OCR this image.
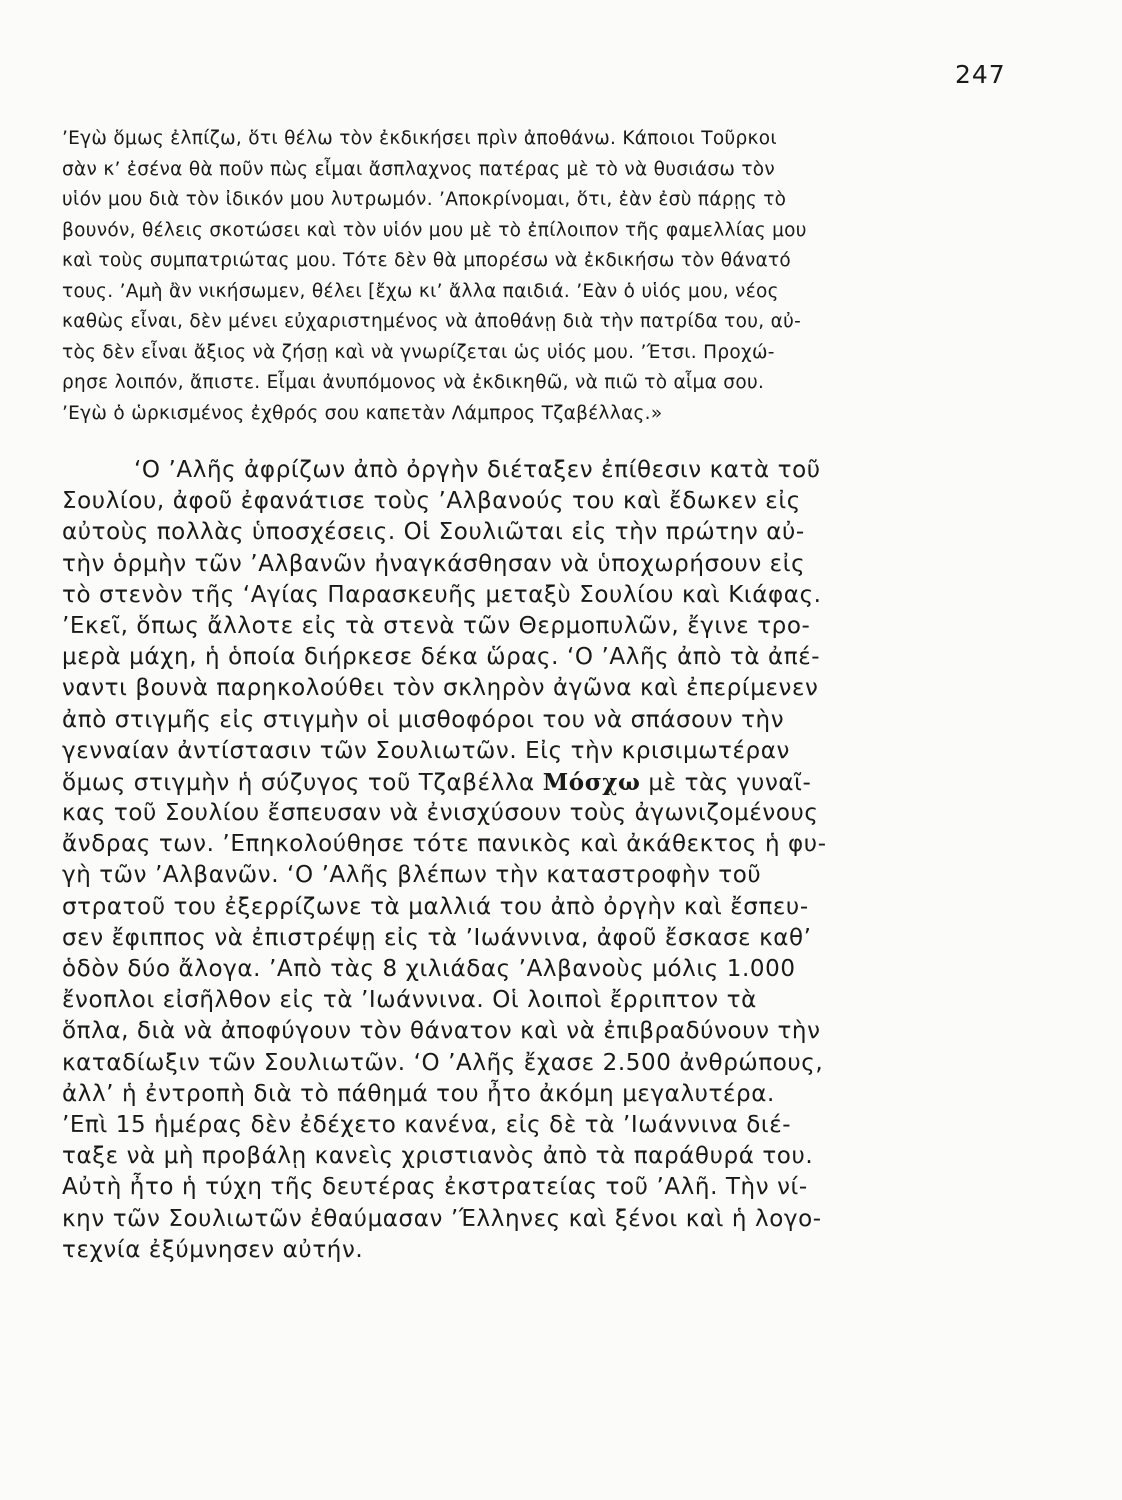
247
’Εγὼ ὅμως ἐλπίζω, ὅτι θέλω τὸν ἐκδικήσει πρὶν ἀποθάνω. Κάποιοι Τοῦρκοι
σὰν κ’ ἐσένα θὰ ποῦν πὼς εἶμαι ἄσπλαχνος πατέρας μὲ τὸ νὰ θυσιάσω τὸν
υἱόν μου διὰ τὸν ἰδικόν μου λυτρωμόν. ’Αποκρίνομαι, ὅτι, ἐὰν ἐσὺ πάρῃς τὸ
βουνόν, θέλεις σκοτώσει καὶ τὸν υἱόν μου μὲ τὸ ἐπίλοιπον τῆς φαμελλίας μου
καὶ τοὺς συμπατριώτας μου. Τότε δὲν θὰ μπορέσω νὰ ἐκδικήσω τὸν θάνατό
τους. ’Αμὴ ἂν νικήσωμεν, θέλει [ἔχω κι’ ἄλλα παιδιά. ’Εὰν ὁ υἱός μου, νέος
καθὼς εἶναι, δὲν μένει εὐχαριστημένος νὰ ἀποθάνῃ διὰ τὴν πατρίδα του, αὐ-
τὸς δὲν εἶναι ἄξιος νὰ ζήσῃ καὶ νὰ γνωρίζεται ὡς υἱός μου. ’Έτσι. Προχώ-
ρησε λοιπόν, ἄπιστε. Εἶμαι ἀνυπόμονος νὰ ἐκδικηθῶ, νὰ πιῶ τὸ αἷμα σου.
’Εγὼ ὁ ὡρκισμένος ἐχθρός σου καπετὰν Λάμπρος Τζαβέλλας.»
‘Ο ’Αλῆς ἀφρίζων ἀπὸ ὀργὴν διέταξεν ἐπίθεσιν κατὰ τοῦ
Σουλίου, ἀφοῦ ἐφανάτισε τοὺς ’Αλβανούς του καὶ ἔδωκεν εἰς
αὐτοὺς πολλὰς ὑποσχέσεις. Οἱ Σουλιῶται εἰς τὴν πρώτην αὐ-
τὴν ὁρμὴν τῶν ’Αλβανῶν ἠναγκάσθησαν νὰ ὑποχωρήσουν εἰς
τὸ στενὸν τῆς ‘Αγίας Παρασκευῆς μεταξὺ Σουλίου καὶ Κιάφας.
’Εκεῖ, ὅπως ἄλλοτε εἰς τὰ στενὰ τῶν Θερμοπυλῶν, ἔγινε τρο-
μερὰ μάχη, ἡ ὁποία διήρκεσε δέκα ὥρας. ‘Ο ’Αλῆς ἀπὸ τὰ ἀπέ-
ναντι βουνὰ παρηκολούθει τὸν σκληρὸν ἀγῶνα καὶ ἐπερίμενεν
ἀπὸ στιγμῆς εἰς στιγμὴν οἱ μισθοφόροι του νὰ σπάσουν τὴν
γενναίαν ἀντίστασιν τῶν Σουλιωτῶν. Εἰς τὴν κρισιμωτέραν
ὅμως στιγμὴν ἡ σύζυγος τοῦ Τζαβέλλα Μόσχω μὲ τὰς γυναῖ-
κας τοῦ Σουλίου ἔσπευσαν νὰ ἐνισχύσουν τοὺς ἀγωνιζομένους
ἄνδρας των. ’Επηκολούθησε τότε πανικὸς καὶ ἀκάθεκτος ἡ φυ-
γὴ τῶν ’Αλβανῶν. ‘Ο ’Αλῆς βλέπων τὴν καταστροφὴν τοῦ
στρατοῦ του ἐξερρίζωνε τὰ μαλλιά του ἀπὸ ὀργὴν καὶ ἔσπευ-
σεν ἔφιππος νὰ ἐπιστρέψῃ εἰς τὰ ’Ιωάννινα, ἀφοῦ ἔσκασε καθ’
ὁδὸν δύο ἄλογα. ’Απὸ τὰς 8 χιλιάδας ’Αλβανοὺς μόλις 1.000
ἔνοπλοι εἰσῆλθον εἰς τὰ ’Ιωάννινα. Οἱ λοιποὶ ἔρριπτον τὰ
ὅπλα, διὰ νὰ ἀποφύγουν τὸν θάνατον καὶ νὰ ἐπιβραδύνουν τὴν
καταδίωξιν τῶν Σουλιωτῶν. ‘Ο ’Αλῆς ἔχασε 2.500 ἀνθρώπους,
ἀλλ’ ἡ ἐντροπὴ διὰ τὸ πάθημά του ἦτο ἀκόμη μεγαλυτέρα.
’Επὶ 15 ἡμέρας δὲν ἐδέχετο κανένα, εἰς δὲ τὰ ’Ιωάννινα διέ-
ταξε νὰ μὴ προβάλῃ κανεὶς χριστιανὸς ἀπὸ τὰ παράθυρά του.
Αὐτὴ ἦτο ἡ τύχη τῆς δευτέρας ἐκστρατείας τοῦ ’Αλῆ. Τὴν νί-
κην τῶν Σουλιωτῶν ἐθαύμασαν ’Έλληνες καὶ ξένοι καὶ ἡ λογο-
τεχνία ἐξύμνησεν αὐτήν.
